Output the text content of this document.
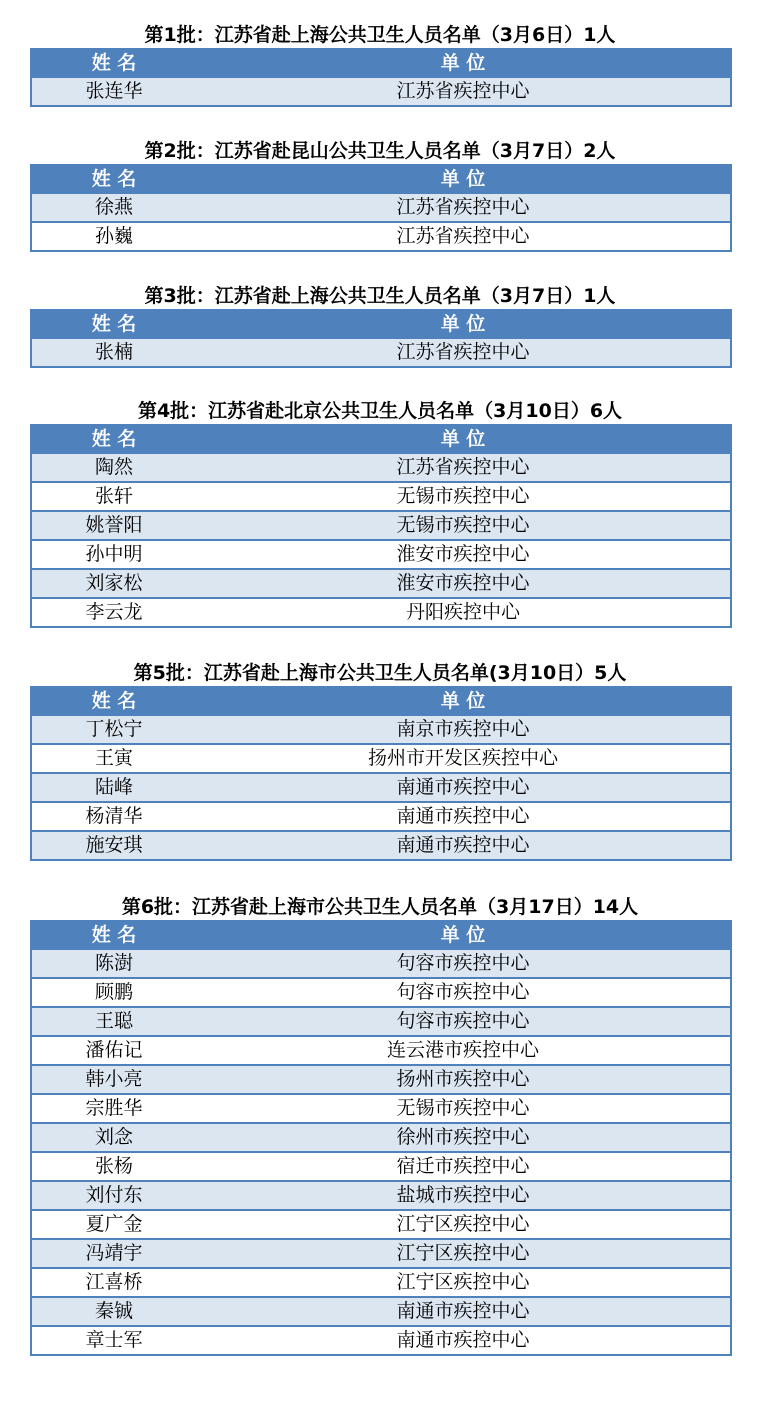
第1批：江苏省赴上海公共卫生人员名单（3月6日）1人
姓 名	单 位
张连华	江苏省疾控中心
第2批：江苏省赴昆山公共卫生人员名单（3月7日）2人
姓 名	单 位
徐燕	江苏省疾控中心
孙巍	江苏省疾控中心
第3批：江苏省赴上海公共卫生人员名单（3月7日）1人
姓 名	单 位
张楠	江苏省疾控中心
第4批：江苏省赴北京公共卫生人员名单（3月10日）6人
姓 名	单 位
陶然	江苏省疾控中心
张轩	无锡市疾控中心
姚誉阳	无锡市疾控中心
孙中明	淮安市疾控中心
刘家松	淮安市疾控中心
李云龙	丹阳疾控中心
第5批：江苏省赴上海市公共卫生人员名单(3月10日）5人
姓 名	单 位
丁松宁	南京市疾控中心
王寅	扬州市开发区疾控中心
陆峰	南通市疾控中心
杨清华	南通市疾控中心
施安琪	南通市疾控中心
第6批：江苏省赴上海市公共卫生人员名单（3月17日）14人
姓 名	单 位
陈澍	句容市疾控中心
顾鹏	句容市疾控中心
王聪	句容市疾控中心
潘佑记	连云港市疾控中心
韩小亮	扬州市疾控中心
宗胜华	无锡市疾控中心
刘念	徐州市疾控中心
张杨	宿迁市疾控中心
刘付东	盐城市疾控中心
夏广金	江宁区疾控中心
冯靖宇	江宁区疾控中心
江喜桥	江宁区疾控中心
秦铖	南通市疾控中心
章士军	南通市疾控中心
